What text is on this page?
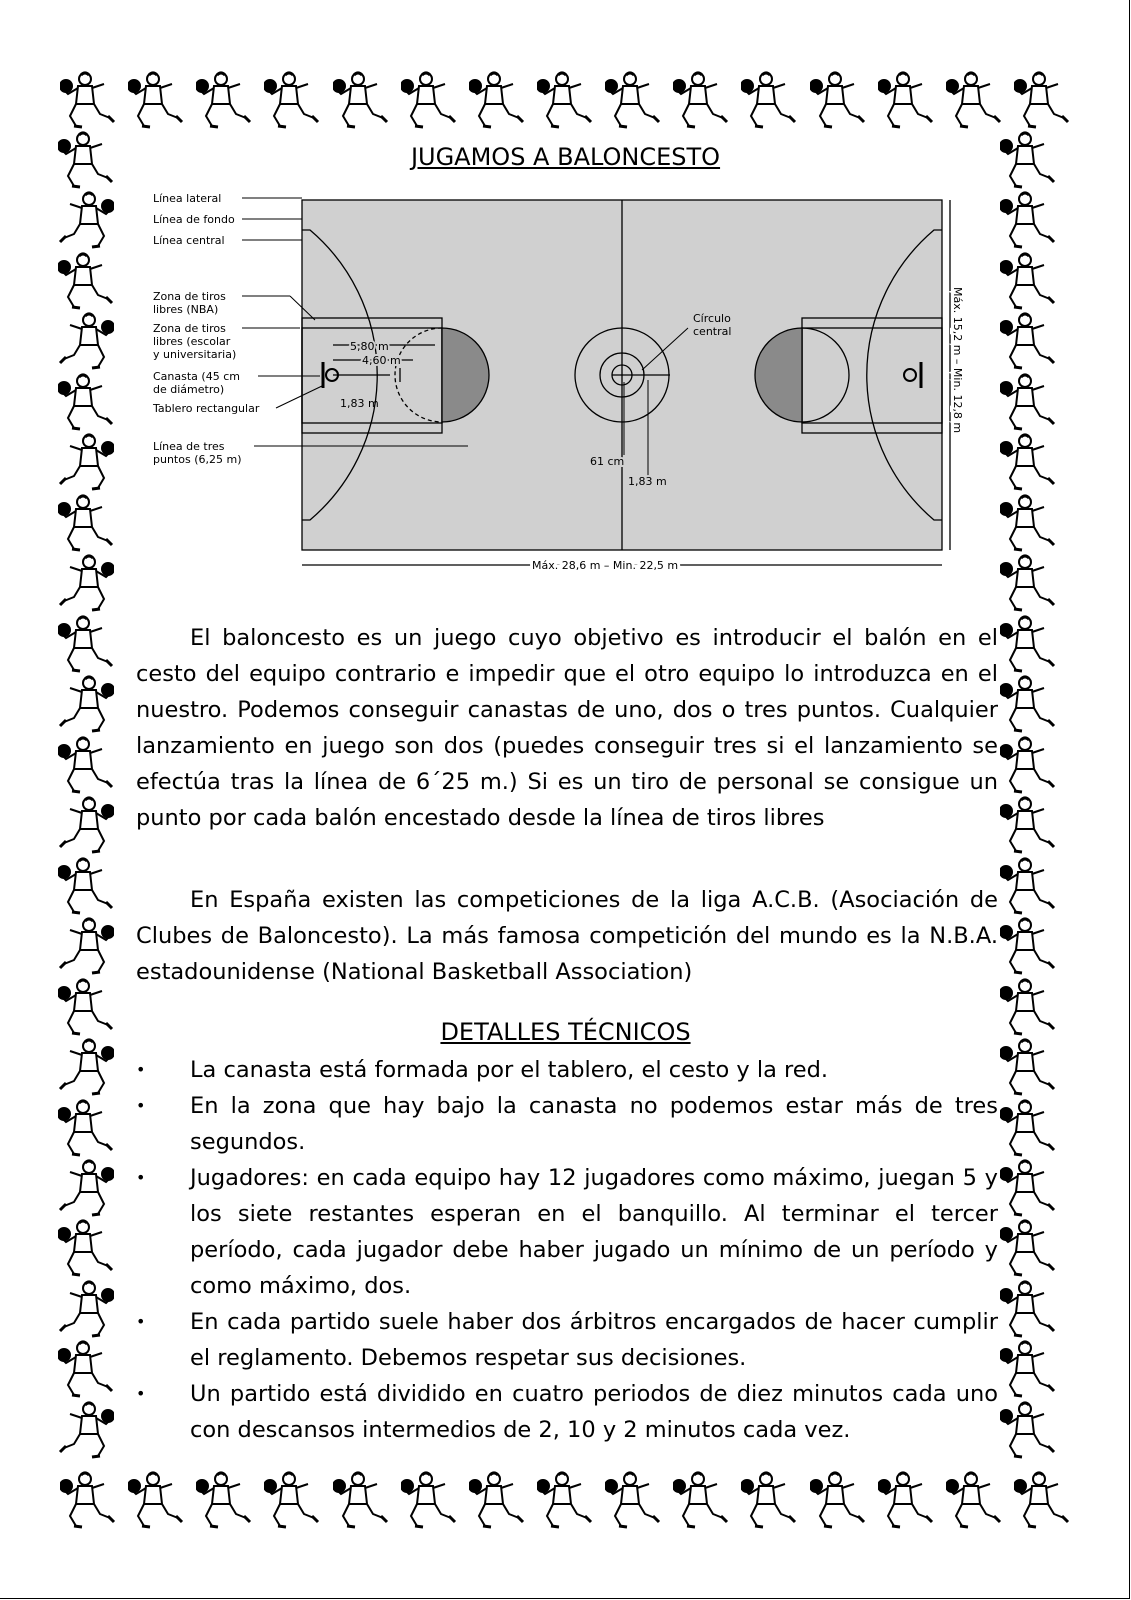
JUGAMOS A BALONCESTO
Línea lateral
Línea de fondo
Línea central
Zona de tiros
libres (NBA)
Zona de tiros
libres (escolar
y universitaria)
Canasta (45 cm
de diámetro)
Tablero rectangular
Línea de tres
puntos (6,25 m)
Círculo
central
5,80 m
4,60 m
1,83 m
61 cm
1,83 m
Máx. 28,6 m – Min. 22,5 m
Máx. 15,2 m – Min. 12,8 m
El baloncesto es un juego cuyo objetivo es introducir el balón en el cesto del equipo contrario e impedir que el otro equipo lo introduzca en el nuestro. Podemos conseguir canastas de uno, dos o tres puntos. Cualquier lanzamiento en juego son dos (puedes conseguir tres si el lanzamiento se efectúa tras la línea de 6´25 m.) Si es un tiro de personal se consigue un punto por cada balón encestado desde la línea de tiros libres
En España existen las competiciones de la liga A.C.B. (Asociación de Clubes de Baloncesto). La más famosa competición del mundo es la N.B.A. estadounidense (National Basketball Association)
DETALLES TÉCNICOS
• La canasta está formada por el tablero, el cesto y la red.
• En la zona que hay bajo la canasta no podemos estar más de tres segundos.
• Jugadores: en cada equipo hay 12 jugadores como máximo, juegan 5 y los siete restantes esperan en el banquillo. Al terminar el tercer período, cada jugador debe haber jugado un mínimo de un período y como máximo, dos.
• En cada partido suele haber dos árbitros encargados de hacer cumplir el reglamento. Debemos respetar sus decisiones.
• Un partido está dividido en cuatro periodos de diez minutos cada uno con descansos intermedios de 2, 10 y 2 minutos cada vez.
